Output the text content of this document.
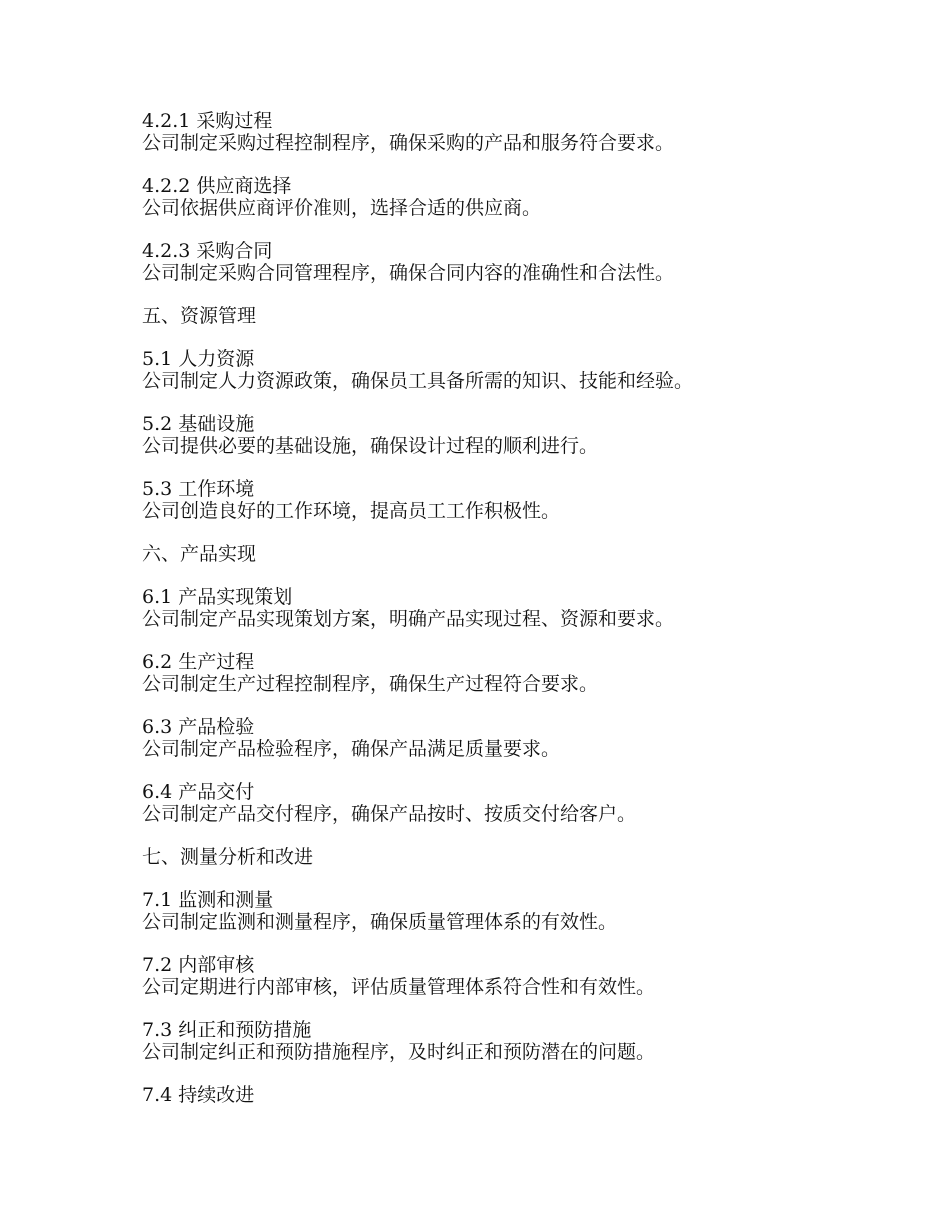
4.2.1 采购过程
公司制定采购过程控制程序，确保采购的产品和服务符合要求。
4.2.2 供应商选择
公司依据供应商评价准则，选择合适的供应商。
4.2.3 采购合同
公司制定采购合同管理程序，确保合同内容的准确性和合法性。
五、资源管理
5.1 人力资源
公司制定人力资源政策，确保员工具备所需的知识、技能和经验。
5.2 基础设施
公司提供必要的基础设施，确保设计过程的顺利进行。
5.3 工作环境
公司创造良好的工作环境，提高员工工作积极性。
六、产品实现
6.1 产品实现策划
公司制定产品实现策划方案，明确产品实现过程、资源和要求。
6.2 生产过程
公司制定生产过程控制程序，确保生产过程符合要求。
6.3 产品检验
公司制定产品检验程序，确保产品满足质量要求。
6.4 产品交付
公司制定产品交付程序，确保产品按时、按质交付给客户。
七、测量分析和改进
7.1 监测和测量
公司制定监测和测量程序，确保质量管理体系的有效性。
7.2 内部审核
公司定期进行内部审核，评估质量管理体系符合性和有效性。
7.3 纠正和预防措施
公司制定纠正和预防措施程序，及时纠正和预防潜在的问题。
7.4 持续改进
